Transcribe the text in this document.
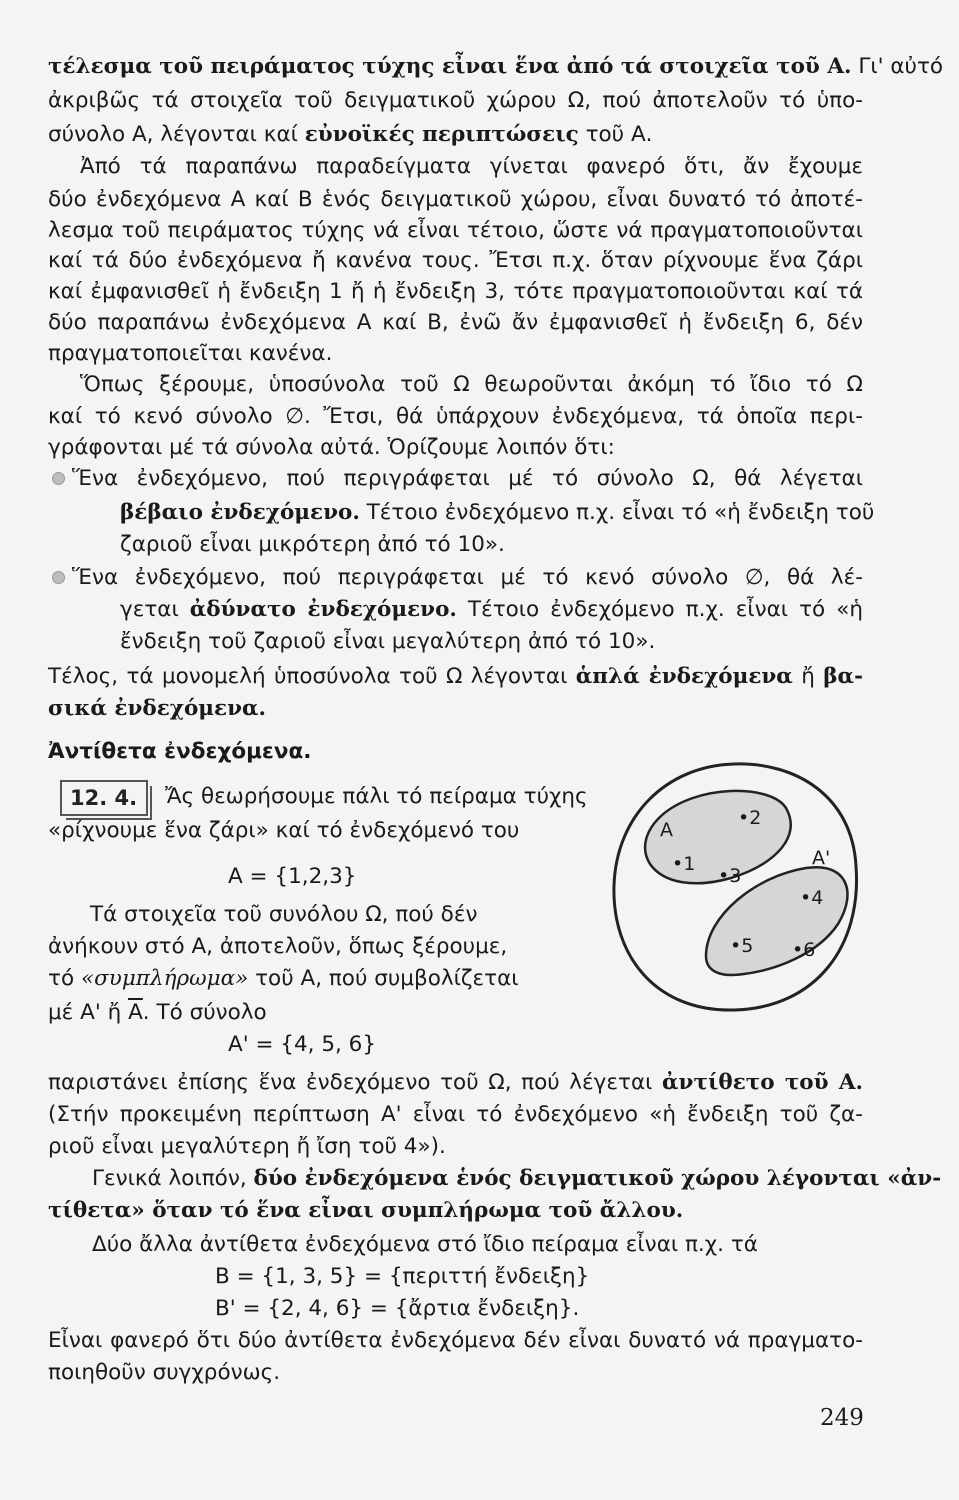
τέλεσμα τοῦ πειράματος τύχης εἶναι ἕνα ἀπό τά στοιχεῖα τοῦ Α. Γι' αὐτό
ἀκριβῶς τά στοιχεῖα τοῦ δειγματικοῦ χώρου Ω, πού ἀποτελοῦν τό ὑπο-
σύνολο Α, λέγονται καί εὐνοϊκές περιπτώσεις τοῦ Α.
Ἀπό τά παραπάνω παραδείγματα γίνεται φανερό ὅτι, ἄν ἔχουμε
δύο ἐνδεχόμενα Α καί Β ἑνός δειγματικοῦ χώρου, εἶναι δυνατό τό ἀποτέ-
λεσμα τοῦ πειράματος τύχης νά εἶναι τέτοιο, ὥστε νά πραγματοποιοῦνται
καί τά δύο ἐνδεχόμενα ἤ κανένα τους. Ἔτσι π.χ. ὅταν ρίχνουμε ἕνα ζάρι
καί ἐμφανισθεῖ ἡ ἔνδειξη 1 ἤ ἡ ἔνδειξη 3, τότε πραγματοποιοῦνται καί τά
δύο παραπάνω ἐνδεχόμενα Α καί Β, ἐνῶ ἄν ἐμφανισθεῖ ἡ ἔνδειξη 6, δέν
πραγματοποιεῖται κανένα.
Ὅπως ξέρουμε, ὑποσύνολα τοῦ Ω θεωροῦνται ἀκόμη τό ἴδιο τό Ω
καί τό κενό σύνολο ∅. Ἔτσι, θά ὑπάρχουν ἐνδεχόμενα, τά ὁποῖα περι-
γράφονται μέ τά σύνολα αὐτά. Ὁρίζουμε λοιπόν ὅτι:
Ἕνα ἐνδεχόμενο, πού περιγράφεται μέ τό σύνολο Ω, θά λέγεται
βέβαιο ἐνδεχόμενο. Τέτοιο ἐνδεχόμενο π.χ. εἶναι τό «ἡ ἔνδειξη τοῦ
ζαριοῦ εἶναι μικρότερη ἀπό τό 10».
Ἕνα ἐνδεχόμενο, πού περιγράφεται μέ τό κενό σύνολο ∅, θά λέ-
γεται ἀδύνατο ἐνδεχόμενο. Τέτοιο ἐνδεχόμενο π.χ. εἶναι τό «ἡ
ἔνδειξη τοῦ ζαριοῦ εἶναι μεγαλύτερη ἀπό τό 10».
Τέλος, τά μονομελή ὑποσύνολα τοῦ Ω λέγονται ἁπλά ἐνδεχόμενα ἤ βα-
σικά ἐνδεχόμενα.
Ἀντίθετα ἐνδεχόμενα.
12. 4.	Ἄς θεωρήσουμε πάλι τό πείραμα τύχης
«ρίχνουμε ἕνα ζάρι» καί τό ἐνδεχόμενό του
Α = {1,2,3}
Τά στοιχεῖα τοῦ συνόλου Ω, πού δέν
ἀνήκουν στό Α, ἀποτελοῦν, ὅπως ξέρουμε,
τό «συμπλήρωμα» τοῦ Α, πού συμβολίζεται
μέ Α' ἤ $\overline{A}$. Τό σύνολο
Α' = {4, 5, 6}
παριστάνει ἐπίσης ἕνα ἐνδεχόμενο τοῦ Ω, πού λέγεται ἀντίθετο τοῦ Α.
(Στήν προκειμένη περίπτωση Α' εἶναι τό ἐνδεχόμενο «ἡ ἔνδειξη τοῦ ζα-
ριοῦ εἶναι μεγαλύτερη ἤ ἴση τοῦ 4»).
Γενικά λοιπόν, δύο ἐνδεχόμενα ἑνός δειγματικοῦ χώρου λέγονται «ἀν-
τίθετα» ὅταν τό ἕνα εἶναι συμπλήρωμα τοῦ ἄλλου.
Δύο ἄλλα ἀντίθετα ἐνδεχόμενα στό ἴδιο πείραμα εἶναι π.χ. τά
Β = {1, 3, 5} = {περιττή ἔνδειξη}
Β' = {2, 4, 6} = {ἄρτια ἔνδειξη}.
Εἶναι φανερό ὅτι δύο ἀντίθετα ἐνδεχόμενα δέν εἶναι δυνατό νά πραγματο-
ποιηθοῦν συγχρόνως.
Α
Α'
•2
•1
•3
•4
•5 •6
249
